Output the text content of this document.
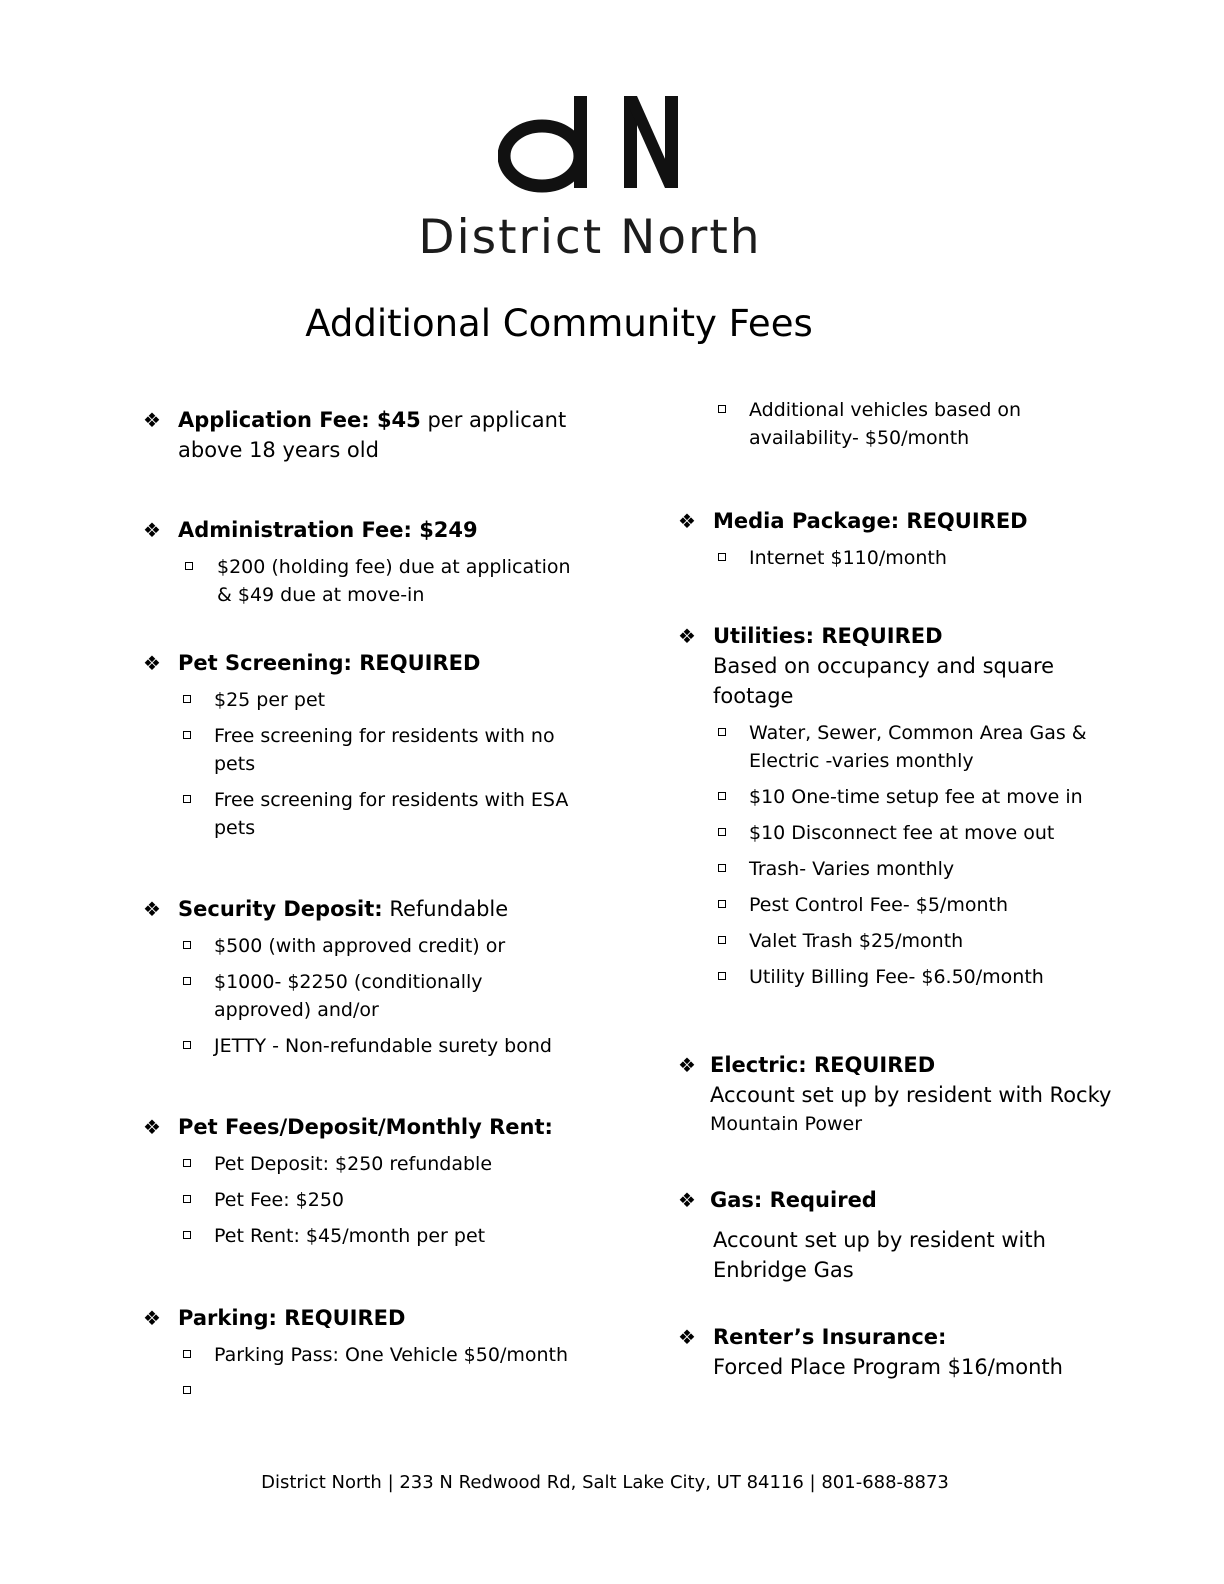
District North
Additional Community Fees
❖ Application Fee: $45 per applicant above 18 years old
❖ Administration Fee: $249
$200 (holding fee) due at application & $49 due at move-in
❖ Pet Screening: REQUIRED
$25 per pet
Free screening for residents with no pets
Free screening for residents with ESA pets
❖ Security Deposit: Refundable
$500 (with approved credit) or
$1000- $2250 (conditionally approved) and/or
JETTY - Non-refundable surety bond
❖ Pet Fees/Deposit/Monthly Rent:
Pet Deposit: $250 refundable
Pet Fee: $250
Pet Rent: $45/month per pet
❖ Parking: REQUIRED
Parking Pass: One Vehicle $50/month
Additional vehicles based on availability- $50/month
❖ Media Package: REQUIRED
Internet $110/month
❖ Utilities: REQUIRED
Based on occupancy and square footage
Water, Sewer, Common Area Gas & Electric -varies monthly
$10 One-time setup fee at move in
$10 Disconnect fee at move out
Trash- Varies monthly
Pest Control Fee- $5/month
Valet Trash $25/month
Utility Billing Fee- $6.50/month
❖ Electric: REQUIRED
Account set up by resident with Rocky
Mountain Power
❖ Gas: Required
Account set up by resident with Enbridge Gas
❖ Renter’s Insurance:
Forced Place Program $16/month
District North | 233 N Redwood Rd, Salt Lake City, UT 84116 | 801-688-8873
